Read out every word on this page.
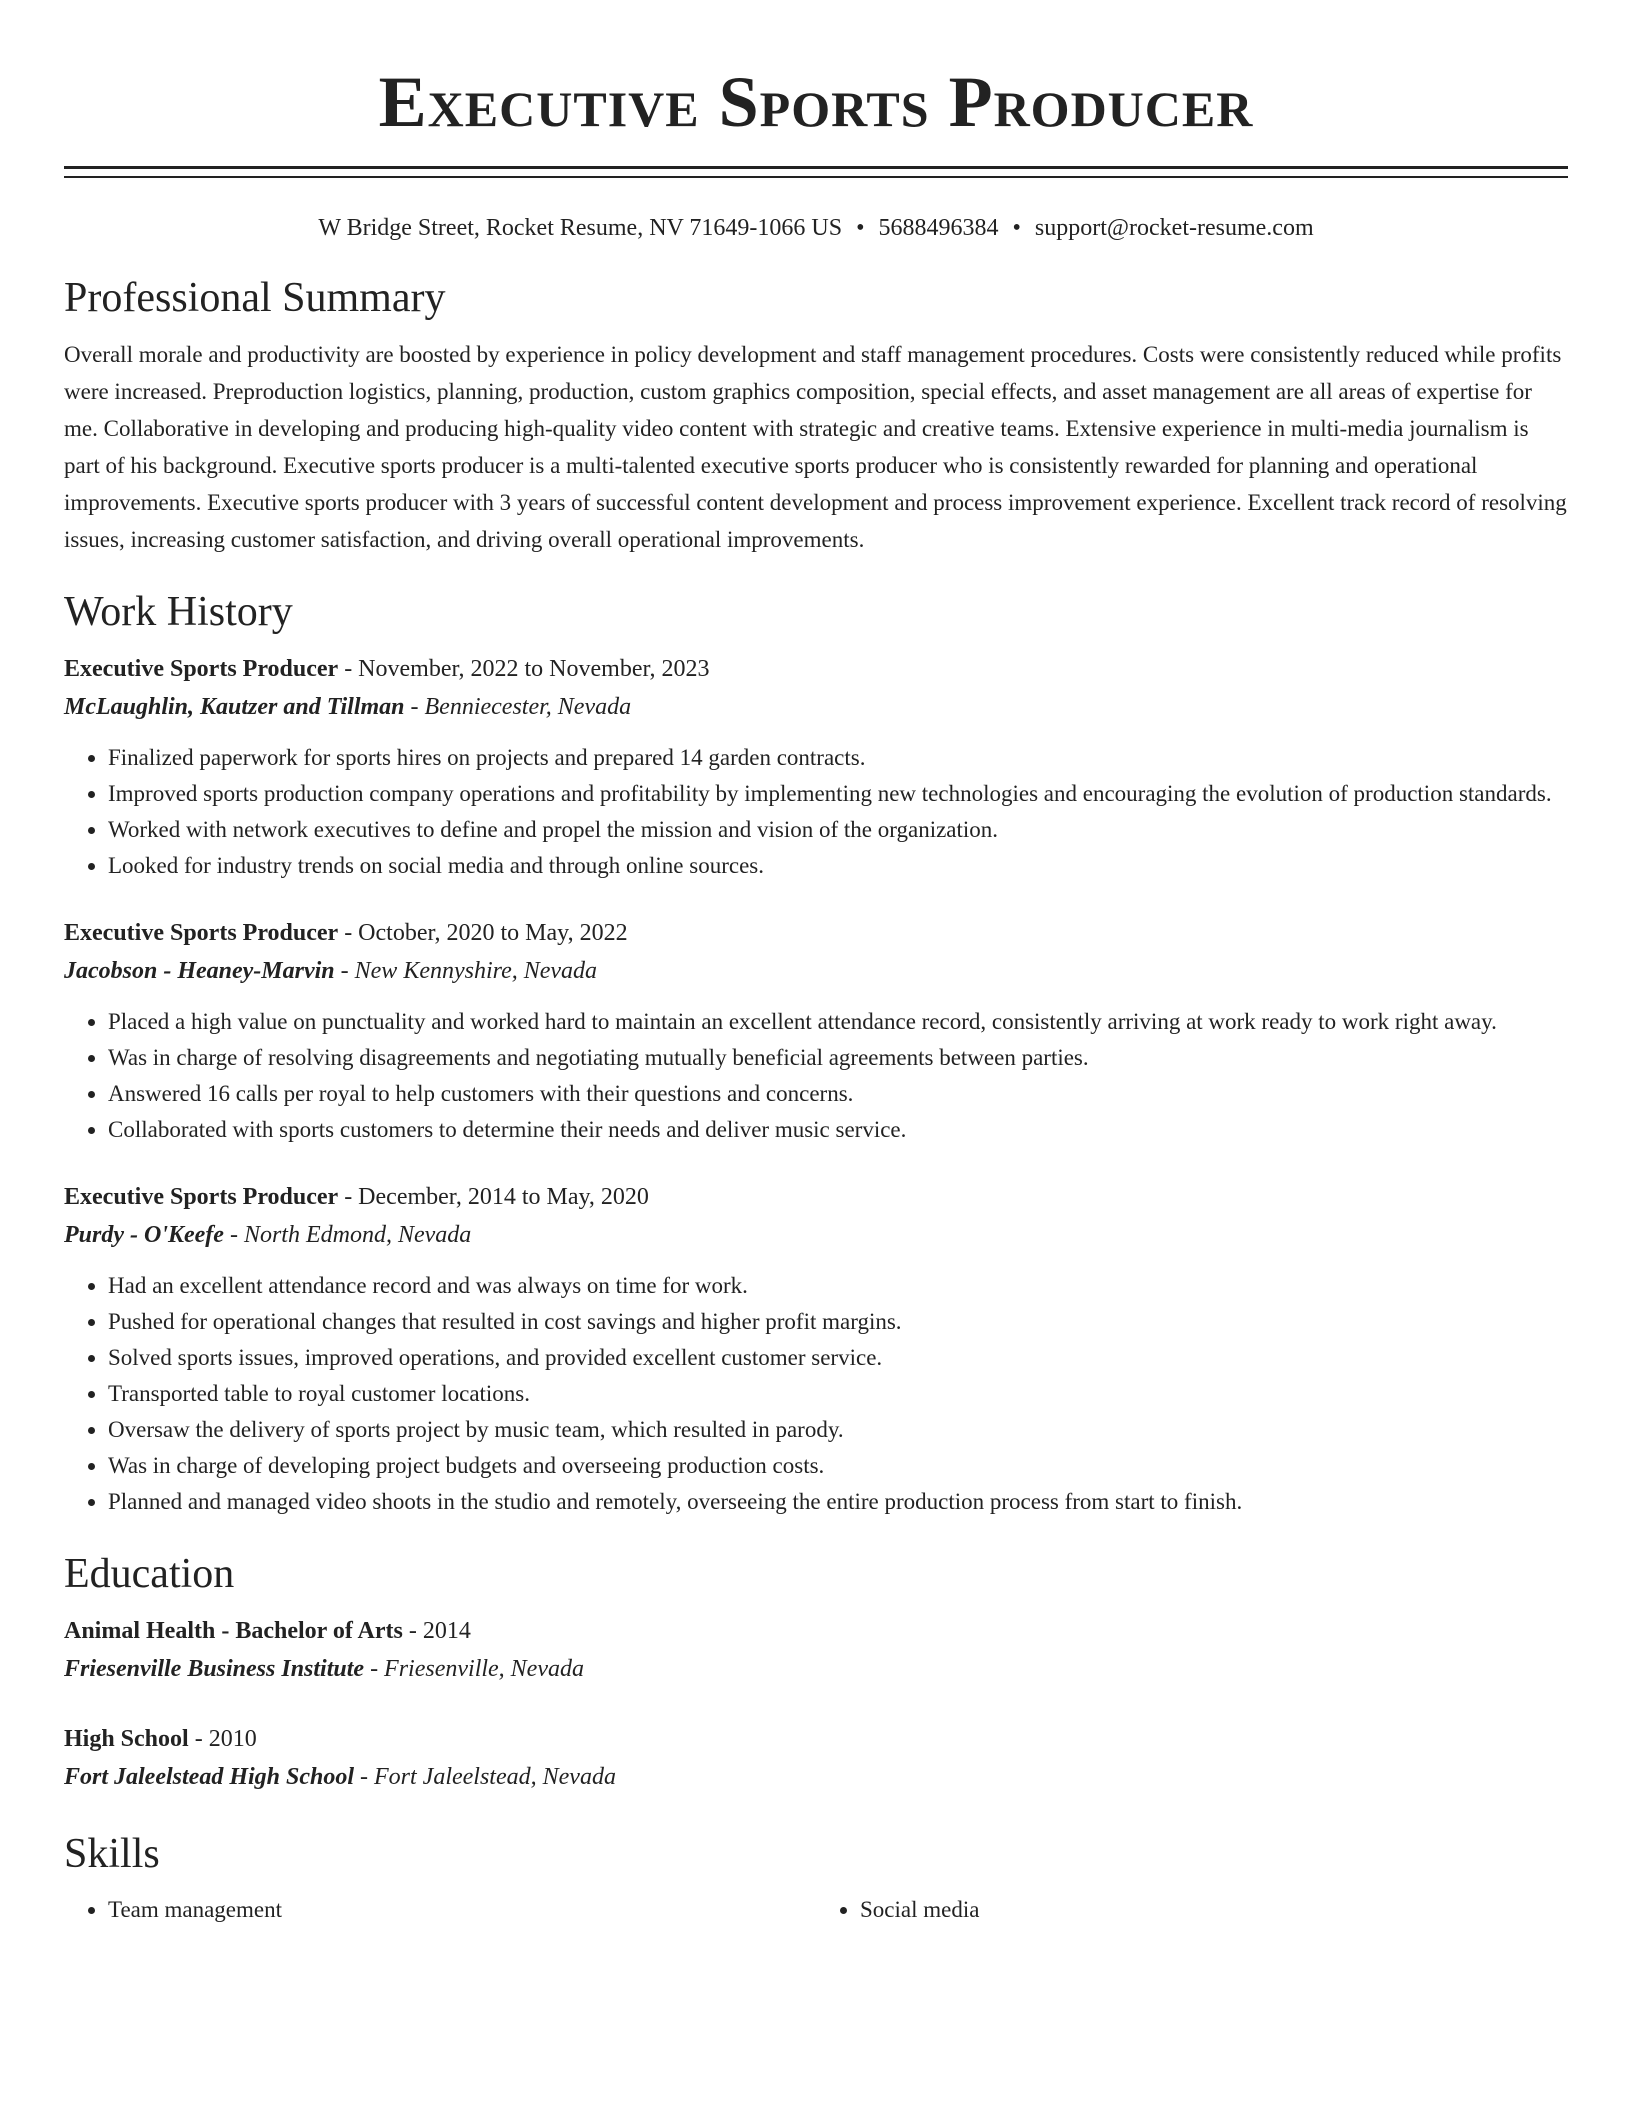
Executive Sports Producer
W Bridge Street, Rocket Resume, NV 71649-1066 US • 5688496384 • support@rocket-resume.com
Professional Summary

Overall morale and productivity are boosted by experience in policy development and staff management procedures. Costs were consistently reduced while profits were increased. Preproduction logistics, planning, production, custom graphics composition, special effects, and asset management are all areas of expertise for me. Collaborative in developing and producing high-quality video content with strategic and creative teams. Extensive experience in multi-media journalism is part of his background. Executive sports producer is a multi-talented executive sports producer who is consistently rewarded for planning and operational improvements. Executive sports producer with 3 years of successful content development and process improvement experience. Excellent track record of resolving issues, increasing customer satisfaction, and driving overall operational improvements.

Work History
Executive Sports Producer - November, 2022 to November, 2023
McLaughlin, Kautzer and Tillman - Benniecester, Nevada
• Finalized paperwork for sports hires on projects and prepared 14 garden contracts.
• Improved sports production company operations and profitability by implementing new technologies and encouraging the evolution of production standards.
• Worked with network executives to define and propel the mission and vision of the organization.
• Looked for industry trends on social media and through online sources.
Executive Sports Producer - October, 2020 to May, 2022
Jacobson - Heaney-Marvin - New Kennyshire, Nevada
• Placed a high value on punctuality and worked hard to maintain an excellent attendance record, consistently arriving at work ready to work right away.
• Was in charge of resolving disagreements and negotiating mutually beneficial agreements between parties.
• Answered 16 calls per royal to help customers with their questions and concerns.
• Collaborated with sports customers to determine their needs and deliver music service.
Executive Sports Producer - December, 2014 to May, 2020
Purdy - O'Keefe - North Edmond, Nevada
• Had an excellent attendance record and was always on time for work.
• Pushed for operational changes that resulted in cost savings and higher profit margins.
• Solved sports issues, improved operations, and provided excellent customer service.
• Transported table to royal customer locations.
• Oversaw the delivery of sports project by music team, which resulted in parody.
• Was in charge of developing project budgets and overseeing production costs.
• Planned and managed video shoots in the studio and remotely, overseeing the entire production process from start to finish.
Education
Animal Health - Bachelor of Arts - 2014
Friesenville Business Institute - Friesenville, Nevada
High School - 2010
Fort Jaleelstead High School - Fort Jaleelstead, Nevada
Skills
• Team management
•	Social media
